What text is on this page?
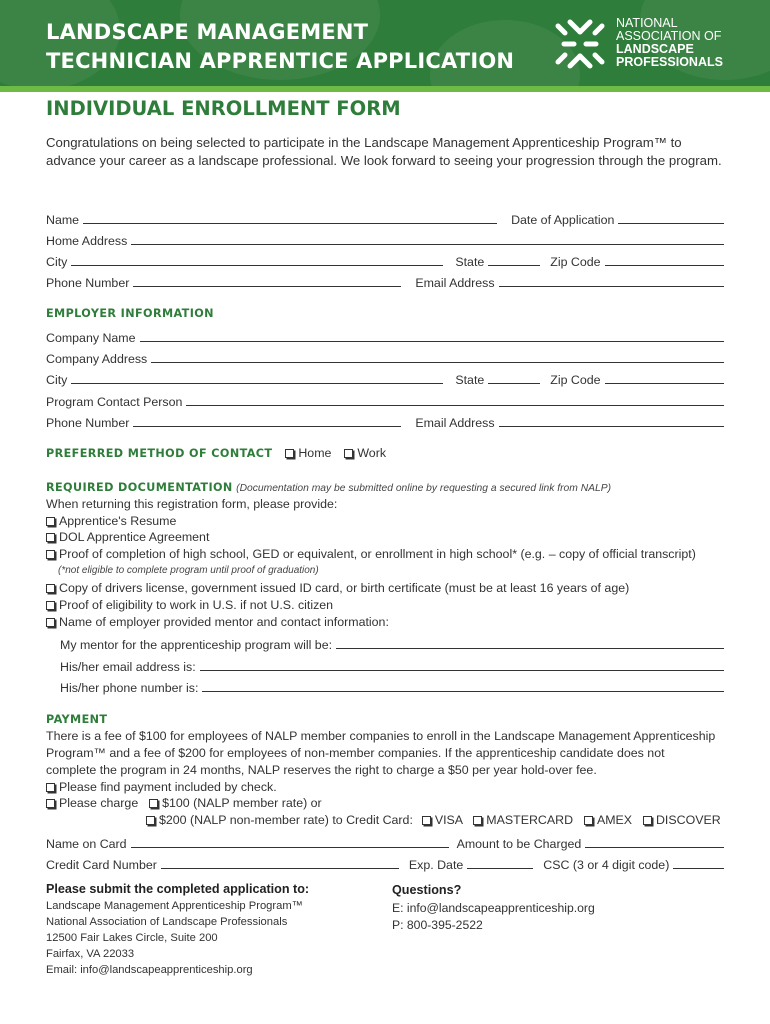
LANDSCAPE MANAGEMENT
TECHNICIAN APPRENTICE APPLICATION
NATIONAL
ASSOCIATION OF
LANDSCAPE
PROFESSIONALS
INDIVIDUAL ENROLLMENT FORM
Congratulations on being selected to participate in the Landscape Management Apprenticeship Program™ to advance your career as a landscape professional. We look forward to seeing your progression through the program.
Name	Date of Application
Home Address
City	State	Zip Code
Phone Number	Email Address
EMPLOYER INFORMATION
Company Name
Company Address
City	State	Zip Code
Program Contact Person
Phone Number	Email Address
PREFERRED METHOD OF CONTACT Home Work
REQUIRED DOCUMENTATION (Documentation may be submitted online by requesting a secured link from NALP)
When returning this registration form, please provide:
Apprentice's Resume
DOL Apprentice Agreement
Proof of completion of high school, GED or equivalent, or enrollment in high school* (e.g. – copy of official transcript)
(*not eligible to complete program until proof of graduation)
Copy of drivers license, government issued ID card, or birth certificate (must be at least 16 years of age)
Proof of eligibility to work in U.S. if not U.S. citizen
Name of employer provided mentor and contact information:
My mentor for the apprenticeship program will be:
His/her email address is:
His/her phone number is:
PAYMENT
There is a fee of $100 for employees of NALP member companies to enroll in the Landscape Management Apprenticeship
Program™ and a fee of $200 for employees of non-member companies. If the apprenticeship candidate does not
complete the program in 24 months, NALP reserves the right to charge a $50 per year hold-over fee.
Please find payment included by check.
Please charge $100 (NALP member rate) or
$200 (NALP non-member rate) to Credit Card: VISA MASTERCARD AMEX DISCOVER
Name on Card	Amount to be Charged
Credit Card Number	Exp. Date	CSC (3 or 4 digit code)
Please submit the completed application to:
Landscape Management Apprenticeship Program™
National Association of Landscape Professionals
12500 Fair Lakes Circle, Suite 200
Fairfax, VA 22033
Email: info@landscapeapprenticeship.org
Questions?
E: info@landscapeapprenticeship.org
P: 800-395-2522
